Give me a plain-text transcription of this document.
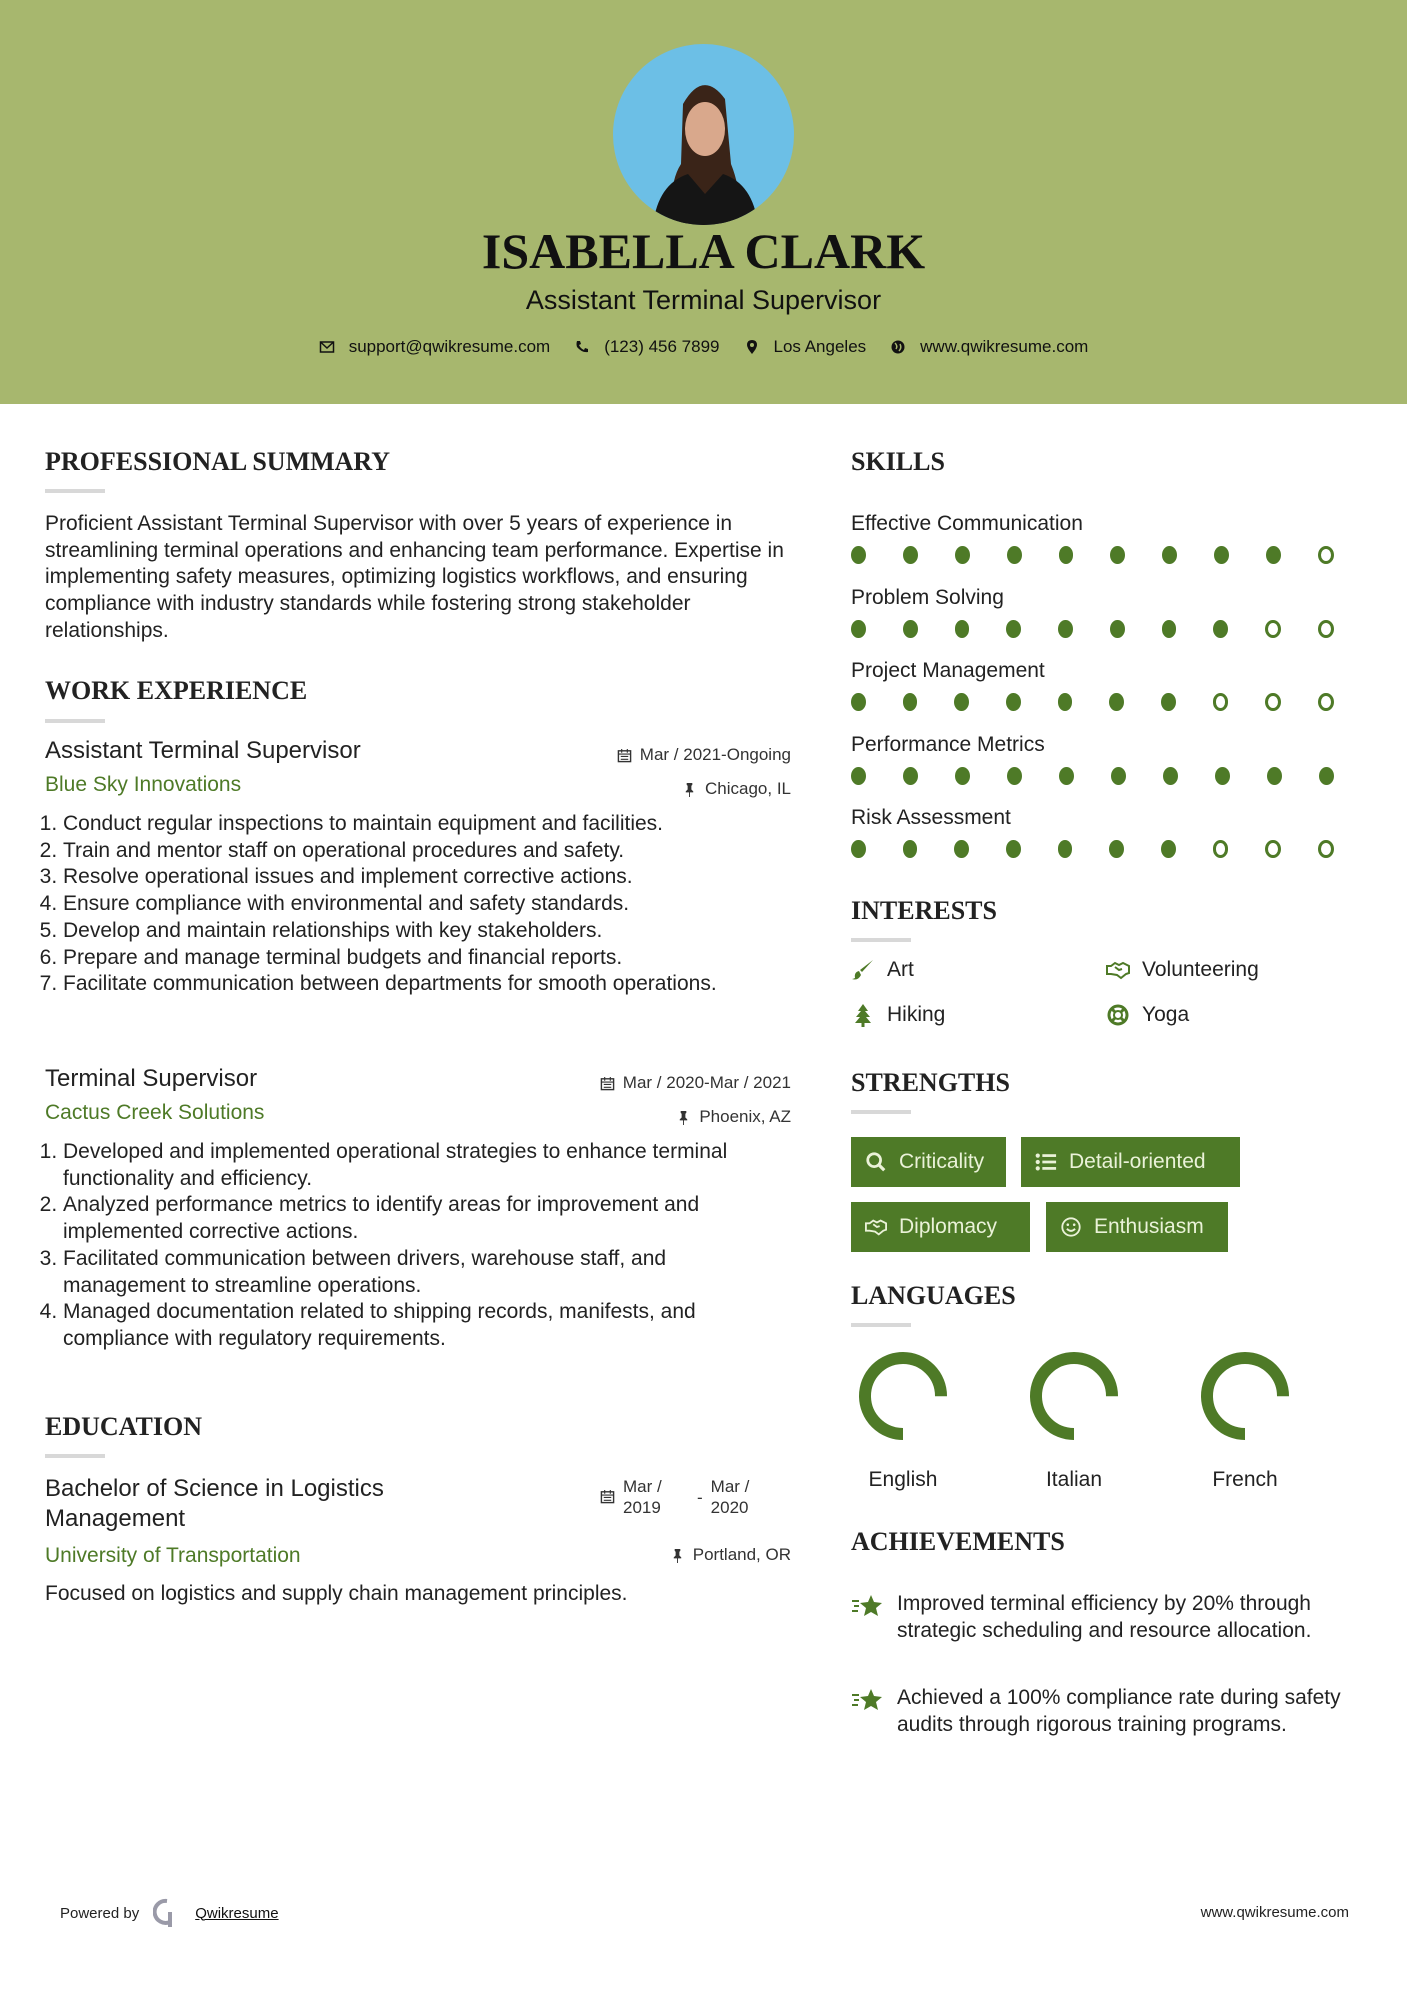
ISABELLA CLARK
Assistant Terminal Supervisor
support@qwikresume.com	(123) 456 7899	Los Angeles	www.qwikresume.com
PROFESSIONAL SUMMARY
Proficient Assistant Terminal Supervisor with over 5 years of experience in streamlining terminal operations and enhancing team performance. Expertise in implementing safety measures, optimizing logistics workflows, and ensuring compliance with industry standards while fostering strong stakeholder relationships.
WORK EXPERIENCE
Assistant Terminal Supervisor	Mar / 2021-Ongoing
Blue Sky Innovations	Chicago, IL
1. Conduct regular inspections to maintain equipment and facilities.
2. Train and mentor staff on operational procedures and safety.
3. Resolve operational issues and implement corrective actions.
4. Ensure compliance with environmental and safety standards.
5. Develop and maintain relationships with key stakeholders.
6. Prepare and manage terminal budgets and financial reports.
7. Facilitate communication between departments for smooth operations.
Terminal Supervisor	Mar / 2020-Mar / 2021
Cactus Creek Solutions	Phoenix, AZ
1. Developed and implemented operational strategies to enhance terminal functionality and efficiency.
2. Analyzed performance metrics to identify areas for improvement and implemented corrective actions.
3. Facilitated communication between drivers, warehouse staff, and management to streamline operations.
4. Managed documentation related to shipping records, manifests, and compliance with regulatory requirements.
EDUCATION
Bachelor of Science in Logistics Management
Mar / 2019
-
Mar / 2020
University of Transportation	Portland, OR
Focused on logistics and supply chain management principles.
SKILLS
Effective Communication
Problem Solving
Project Management
Performance Metrics
Risk Assessment
INTERESTS
Art	Volunteering
Hiking	Yoga
STRENGTHS
Criticality	Detail-oriented
Diplomacy	Enthusiasm
LANGUAGES
English	Italian	French
ACHIEVEMENTS
Improved terminal efficiency by 20% through strategic scheduling and resource allocation.
Achieved a 100% compliance rate during safety audits through rigorous training programs.
Powered by	Qwikresume	www.qwikresume.com
